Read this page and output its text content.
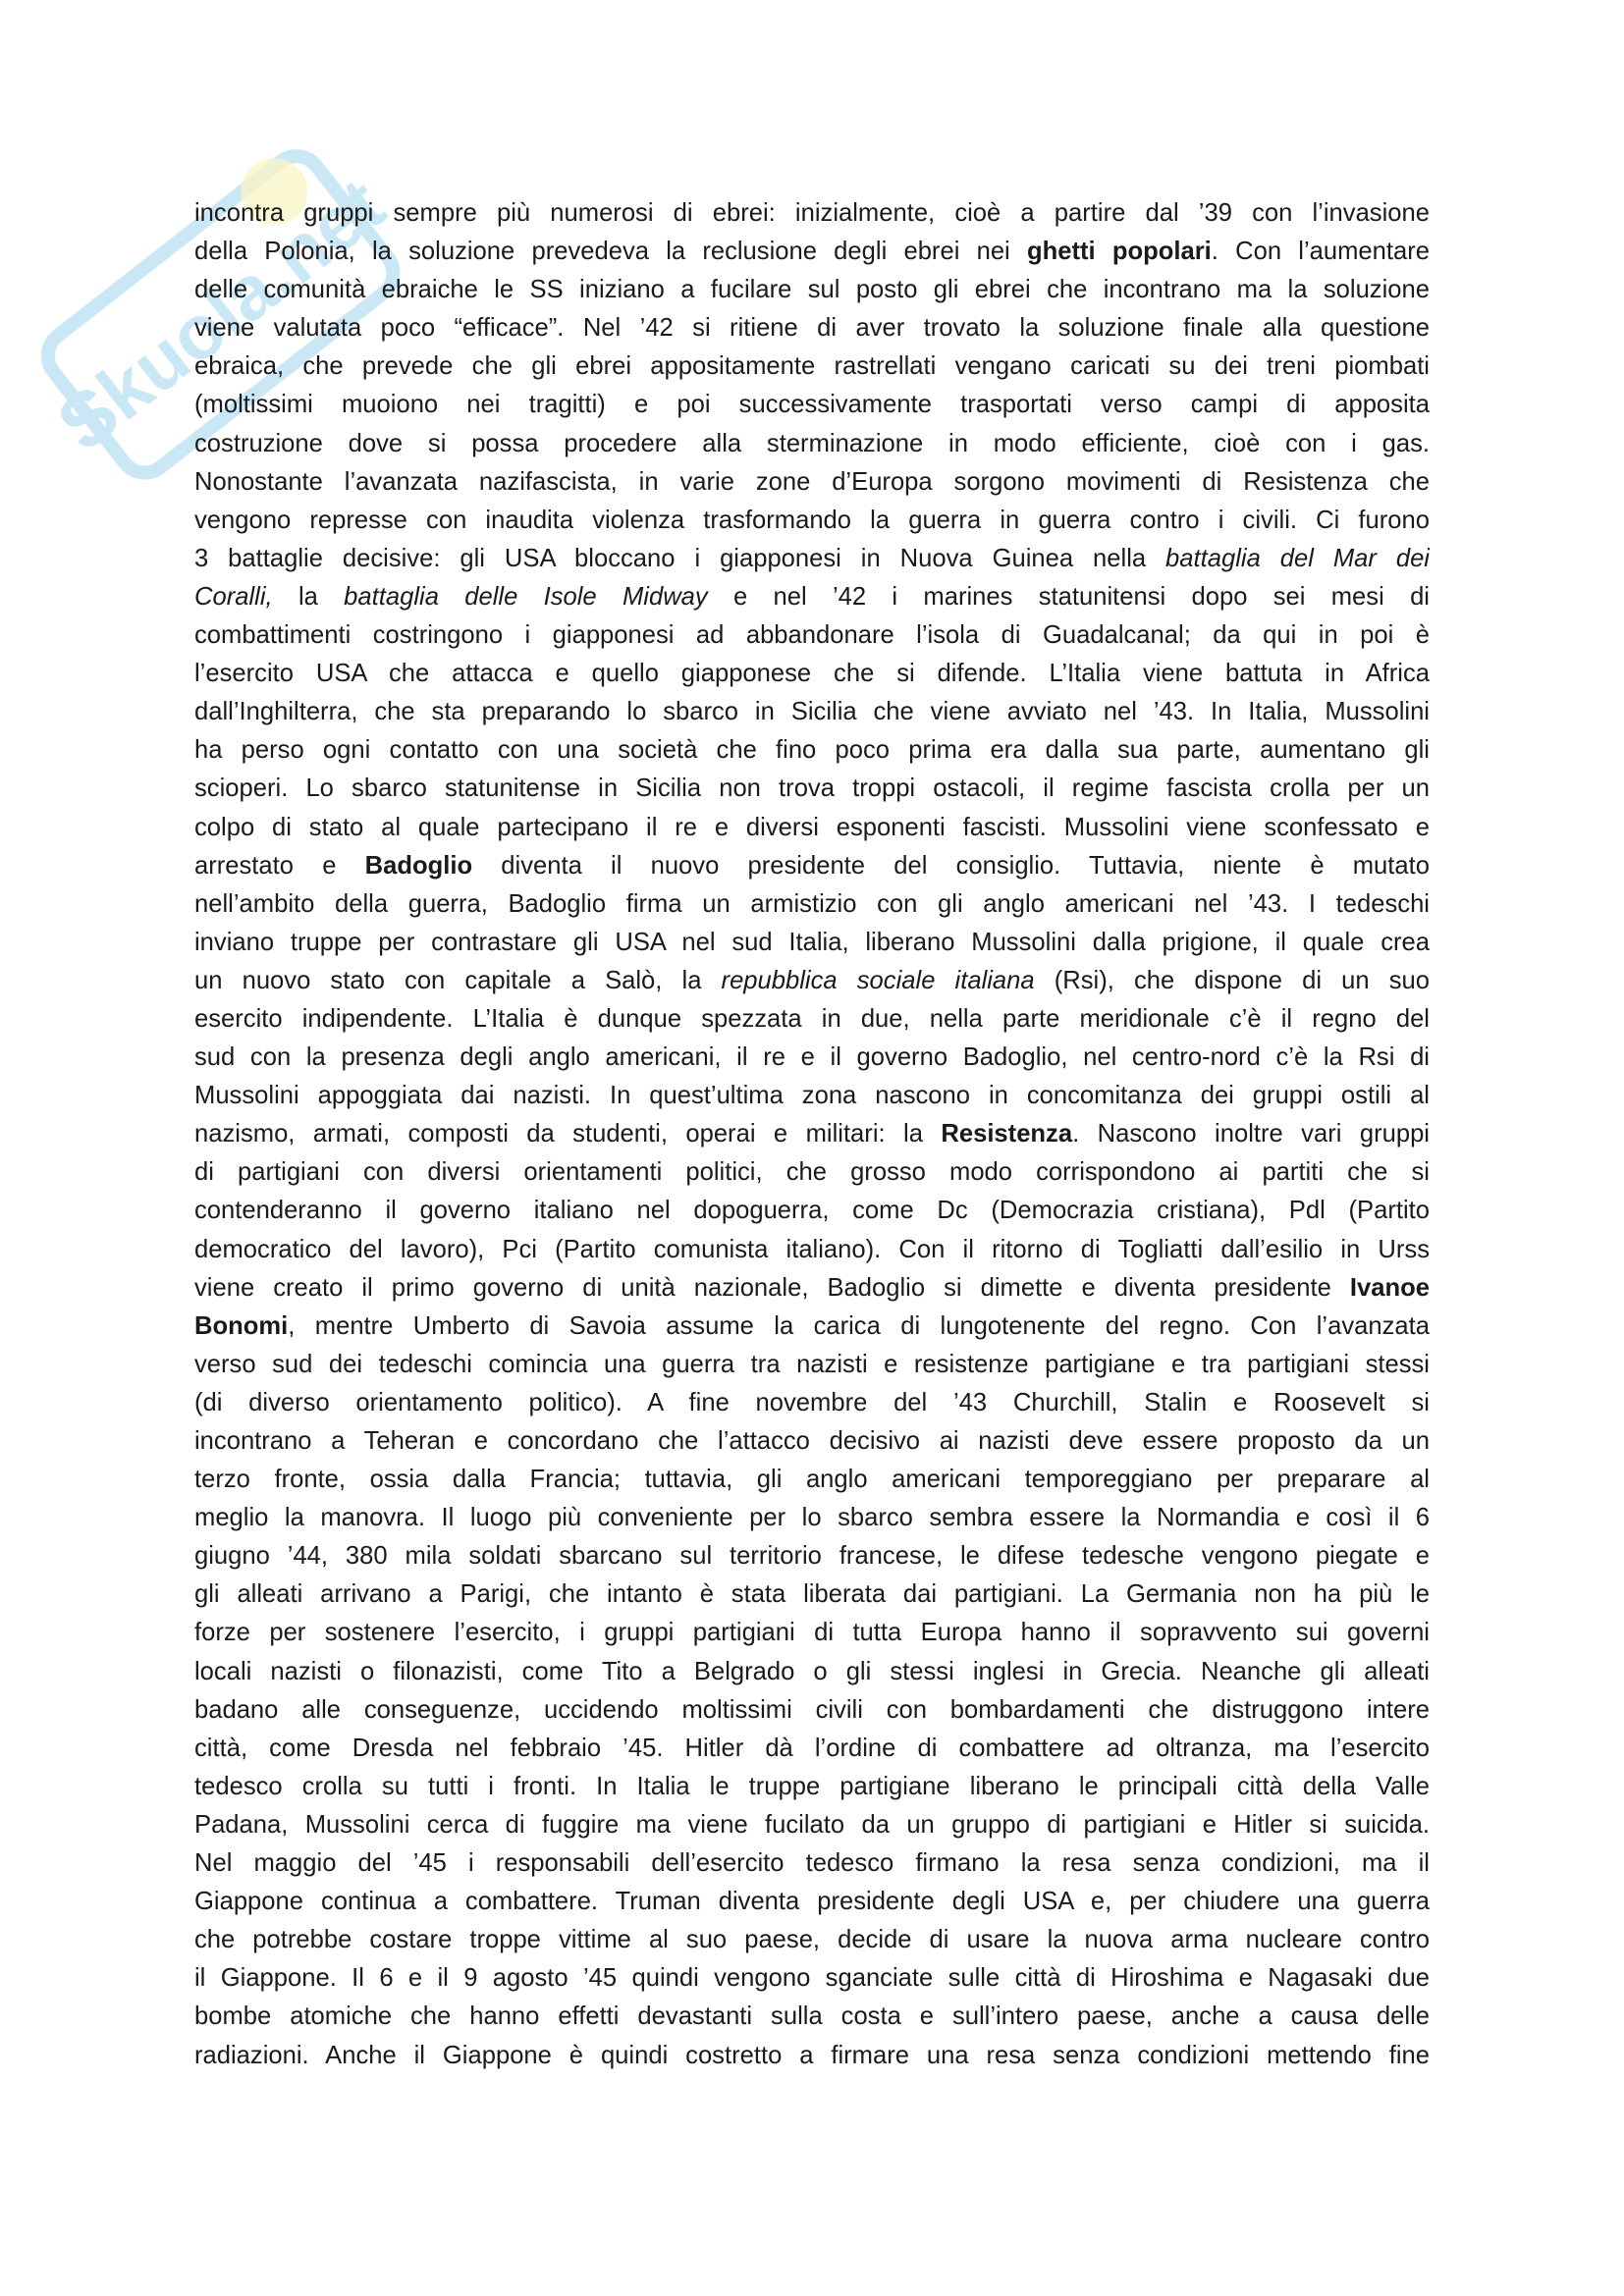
Skuola.net
incontra gruppi sempre più numerosi di ebrei: inizialmente, cioè a partire dal ’39 con l’invasione
della Polonia, la soluzione prevedeva la reclusione degli ebrei nei ghetti popolari. Con l’aumentare
delle comunità ebraiche le SS iniziano a fucilare sul posto gli ebrei che incontrano ma la soluzione
viene valutata poco “efficace”. Nel ’42 si ritiene di aver trovato la soluzione finale alla questione
ebraica, che prevede che gli ebrei appositamente rastrellati vengano caricati su dei treni piombati
(moltissimi muoiono nei tragitti) e poi successivamente trasportati verso campi di apposita
costruzione dove si possa procedere alla sterminazione in modo efficiente, cioè con i gas.
Nonostante l’avanzata nazifascista, in varie zone d’Europa sorgono movimenti di Resistenza che
vengono represse con inaudita violenza trasformando la guerra in guerra contro i civili. Ci furono
3 battaglie decisive: gli USA bloccano i giapponesi in Nuova Guinea nella battaglia del Mar dei
Coralli, la battaglia delle Isole Midway e nel ’42 i marines statunitensi dopo sei mesi di
combattimenti costringono i giapponesi ad abbandonare l’isola di Guadalcanal; da qui in poi è
l’esercito USA che attacca e quello giapponese che si difende. L’Italia viene battuta in Africa
dall’Inghilterra, che sta preparando lo sbarco in Sicilia che viene avviato nel ’43. In Italia, Mussolini
ha perso ogni contatto con una società che fino poco prima era dalla sua parte, aumentano gli
scioperi. Lo sbarco statunitense in Sicilia non trova troppi ostacoli, il regime fascista crolla per un
colpo di stato al quale partecipano il re e diversi esponenti fascisti. Mussolini viene sconfessato e
arrestato e Badoglio diventa il nuovo presidente del consiglio. Tuttavia, niente è mutato
nell’ambito della guerra, Badoglio firma un armistizio con gli anglo americani nel ’43. I tedeschi
inviano truppe per contrastare gli USA nel sud Italia, liberano Mussolini dalla prigione, il quale crea
un nuovo stato con capitale a Salò, la repubblica sociale italiana (Rsi), che dispone di un suo
esercito indipendente. L’Italia è dunque spezzata in due, nella parte meridionale c’è il regno del
sud con la presenza degli anglo americani, il re e il governo Badoglio, nel centro-nord c’è la Rsi di
Mussolini appoggiata dai nazisti. In quest’ultima zona nascono in concomitanza dei gruppi ostili al
nazismo, armati, composti da studenti, operai e militari: la Resistenza. Nascono inoltre vari gruppi
di partigiani con diversi orientamenti politici, che grosso modo corrispondono ai partiti che si
contenderanno il governo italiano nel dopoguerra, come Dc (Democrazia cristiana), Pdl (Partito
democratico del lavoro), Pci (Partito comunista italiano). Con il ritorno di Togliatti dall’esilio in Urss
viene creato il primo governo di unità nazionale, Badoglio si dimette e diventa presidente Ivanoe
Bonomi, mentre Umberto di Savoia assume la carica di lungotenente del regno. Con l’avanzata
verso sud dei tedeschi comincia una guerra tra nazisti e resistenze partigiane e tra partigiani stessi
(di diverso orientamento politico). A fine novembre del ’43 Churchill, Stalin e Roosevelt si
incontrano a Teheran e concordano che l’attacco decisivo ai nazisti deve essere proposto da un
terzo fronte, ossia dalla Francia; tuttavia, gli anglo americani temporeggiano per preparare al
meglio la manovra. Il luogo più conveniente per lo sbarco sembra essere la Normandia e così il 6
giugno ’44, 380 mila soldati sbarcano sul territorio francese, le difese tedesche vengono piegate e
gli alleati arrivano a Parigi, che intanto è stata liberata dai partigiani. La Germania non ha più le
forze per sostenere l’esercito, i gruppi partigiani di tutta Europa hanno il sopravvento sui governi
locali nazisti o filonazisti, come Tito a Belgrado o gli stessi inglesi in Grecia. Neanche gli alleati
badano alle conseguenze, uccidendo moltissimi civili con bombardamenti che distruggono intere
città, come Dresda nel febbraio ’45. Hitler dà l’ordine di combattere ad oltranza, ma l’esercito
tedesco crolla su tutti i fronti. In Italia le truppe partigiane liberano le principali città della Valle
Padana, Mussolini cerca di fuggire ma viene fucilato da un gruppo di partigiani e Hitler si suicida.
Nel maggio del ’45 i responsabili dell’esercito tedesco firmano la resa senza condizioni, ma il
Giappone continua a combattere. Truman diventa presidente degli USA e, per chiudere una guerra
che potrebbe costare troppe vittime al suo paese, decide di usare la nuova arma nucleare contro
il Giappone. Il 6 e il 9 agosto ’45 quindi vengono sganciate sulle città di Hiroshima e Nagasaki due
bombe atomiche che hanno effetti devastanti sulla costa e sull’intero paese, anche a causa delle
radiazioni. Anche il Giappone è quindi costretto a firmare una resa senza condizioni mettendo fine
